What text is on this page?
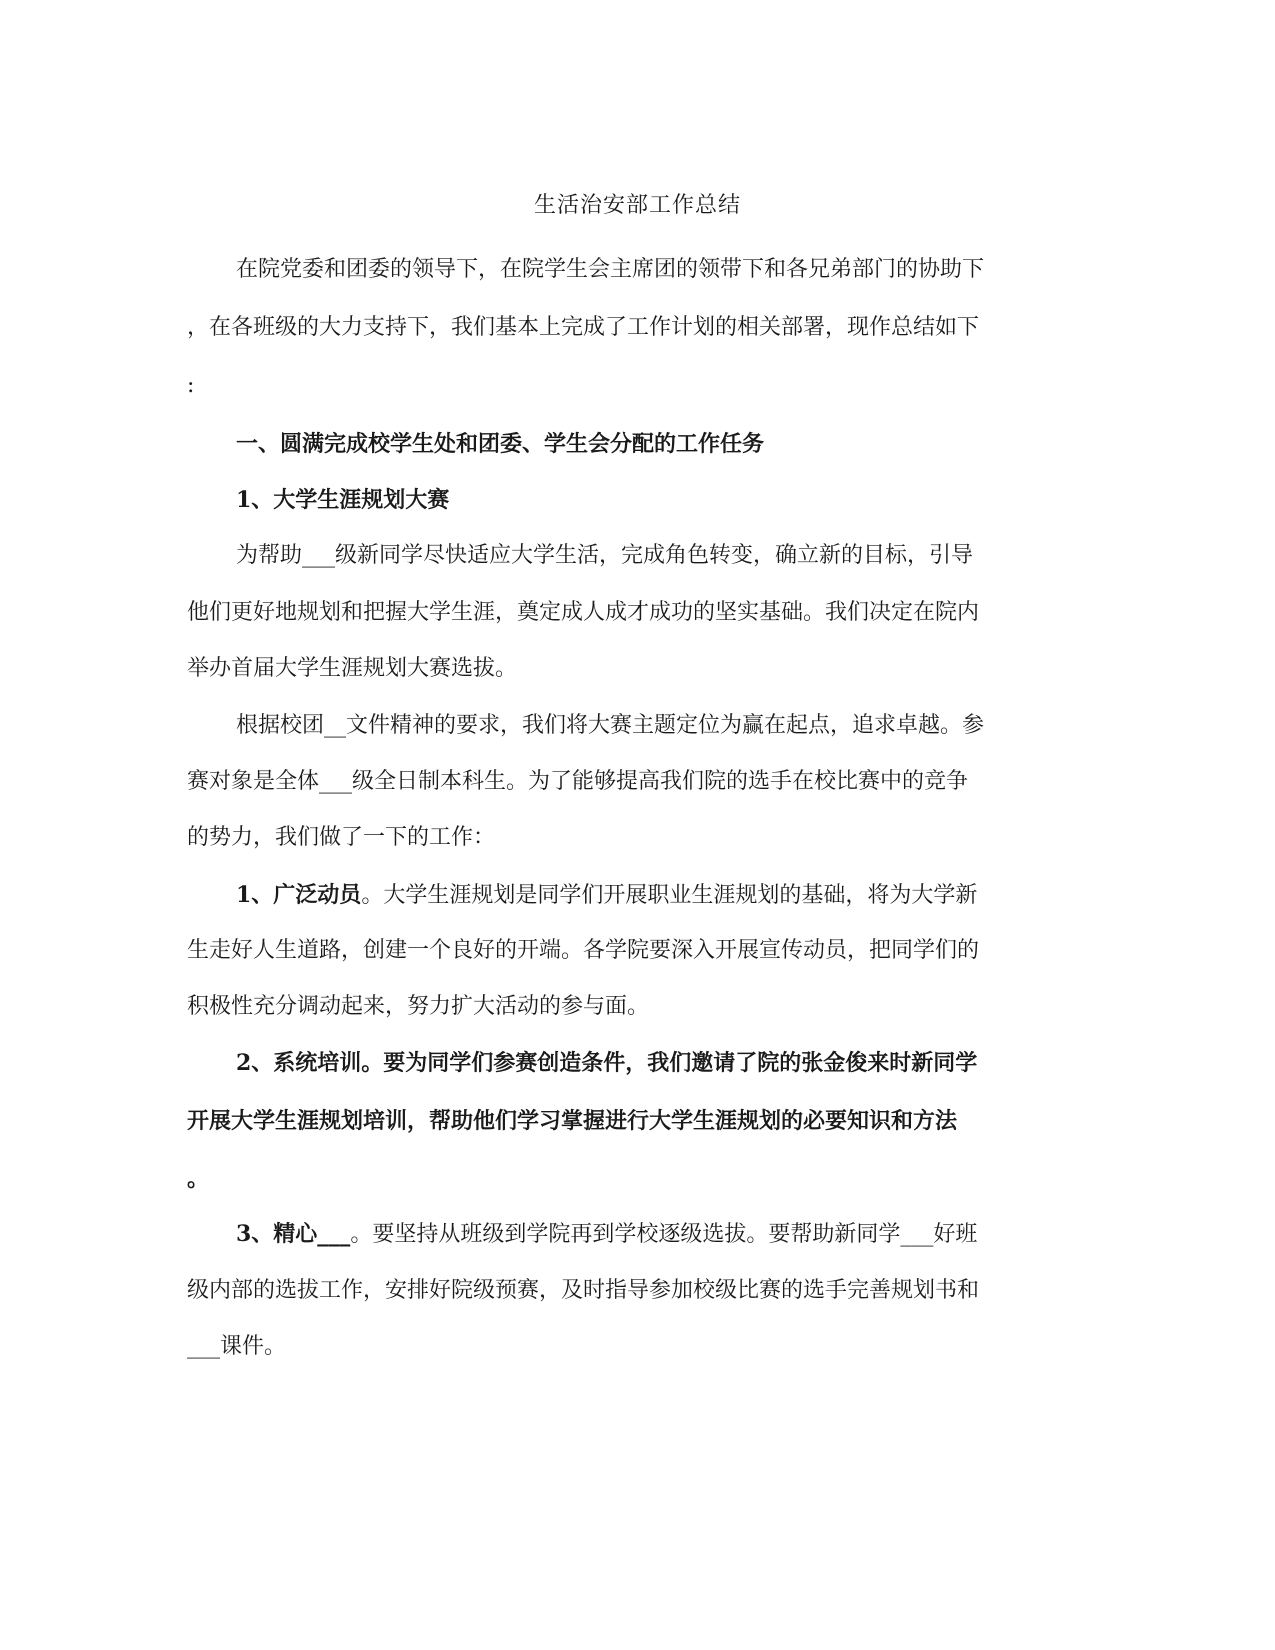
生活治安部工作总结
在院党委和团委的领导下，在院学生会主席团的领带下和各兄弟部门的协助下
，在各班级的大力支持下，我们基本上完成了工作计划的相关部署，现作总结如下
:
一、圆满完成校学生处和团委、学生会分配的工作任务
1、大学生涯规划大赛
为帮助___级新同学尽快适应大学生活，完成角色转变，确立新的目标，引导
他们更好地规划和把握大学生涯，奠定成人成才成功的坚实基础。我们决定在院内
举办首届大学生涯规划大赛选拔。
根据校团__文件精神的要求，我们将大赛主题定位为赢在起点，追求卓越。参
赛对象是全体___级全日制本科生。为了能够提高我们院的选手在校比赛中的竞争
的势力，我们做了一下的工作：
1、广泛动员。大学生涯规划是同学们开展职业生涯规划的基础，将为大学新
生走好人生道路，创建一个良好的开端。各学院要深入开展宣传动员，把同学们的
积极性充分调动起来，努力扩大活动的参与面。
2、系统培训。要为同学们参赛创造条件，我们邀请了院的张金俊来时新同学
开展大学生涯规划培训，帮助他们学习掌握进行大学生涯规划的必要知识和方法
。
3、精心___。要坚持从班级到学院再到学校逐级选拔。要帮助新同学___好班
级内部的选拔工作，安排好院级预赛，及时指导参加校级比赛的选手完善规划书和
___课件。
